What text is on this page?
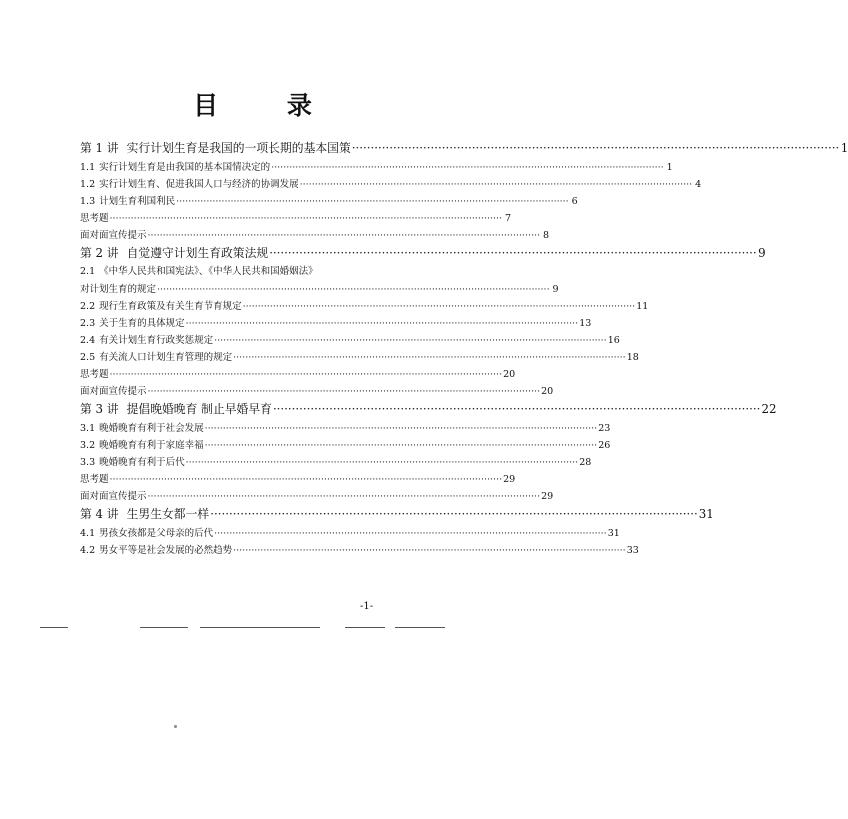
目 录
第 1 讲 实行计划生育是我国的一项长期的基本国策 ·····	1
1.1 实行计划生育是由我国的基本国情决定的 ·····	1
1.2 实行计划生育、促进我国人口与经济的协调发展 ·····	4
1.3 计划生育利国利民 ·····	6
思考题 ·····	7
面对面宣传提示 ·····	8
第 2 讲 自觉遵守计划生育政策法规 ·····	9
2.1 《中华人民共和国宪法》、《中华人民共和国婚姻法》
对计划生育的规定 ·····	9
2.2 现行生育政策及有关生育节育规定 ·····	11
2.3 关于生育的具体规定 ·····	13
2.4 有关计划生育行政奖惩规定 ·····	16
2.5 有关流人口计划生育管理的规定 ·····	18
思考题 ·····	20
面对面宣传提示 ·····	20
第 3 讲 提倡晚婚晚育 制止早婚早育 ·····	22
3.1 晚婚晚育有利于社会发展 ·····	23
3.2 晚婚晚育有利于家庭幸福 ·····	26
3.3 晚婚晚育有利于后代 ·····	28
思考题 ·····	29
面对面宣传提示 ·····	29
第 4 讲 生男生女都一样 ·····	31
4.1 男孩女孩都是父母亲的后代 ·····	31
4.2 男女平等是社会发展的必然趋势 ·····	33
-1-
